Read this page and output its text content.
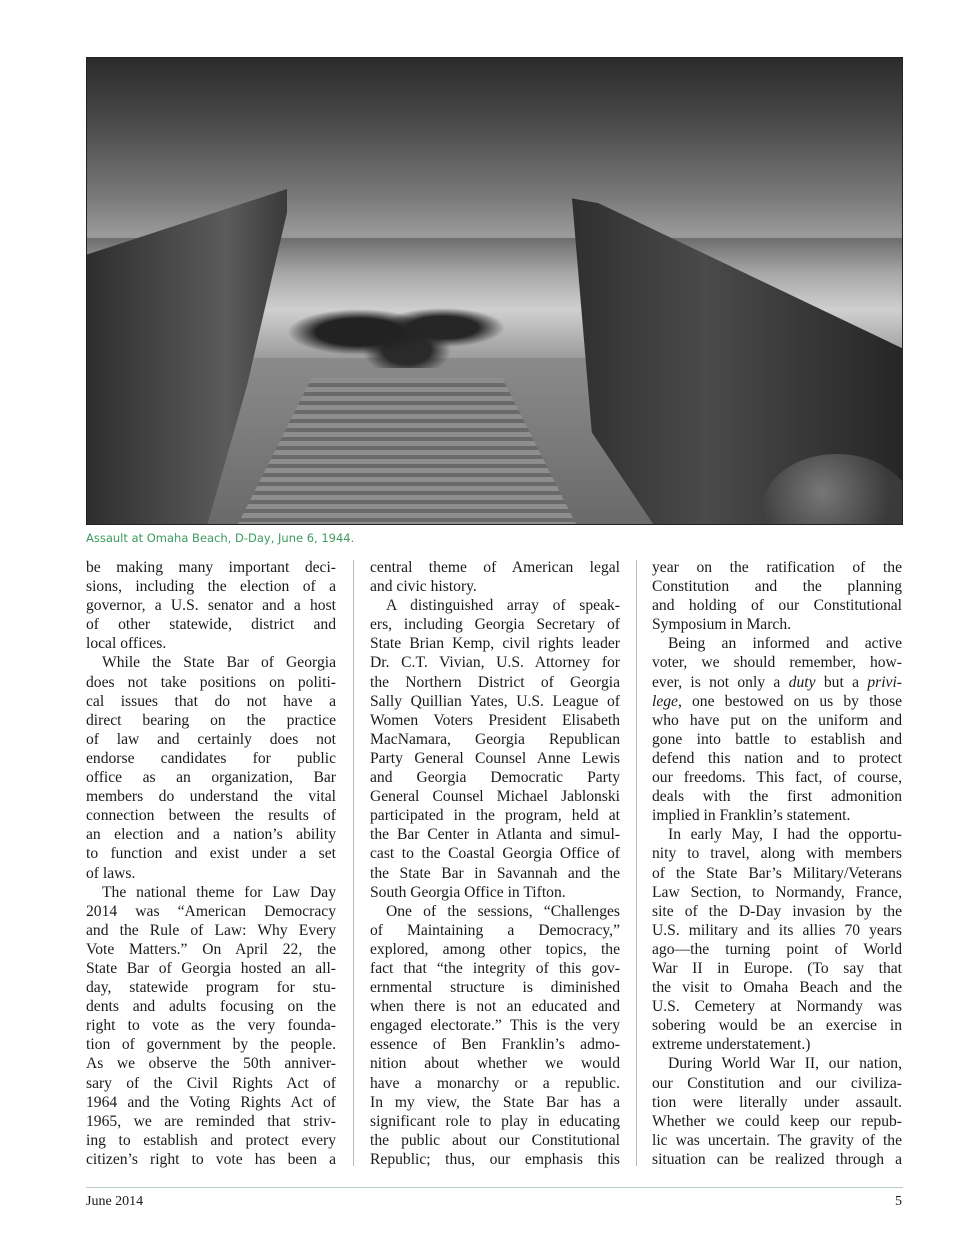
Assault at Omaha Beach, D-Day, June 6, 1944.
be making many important deci-
sions, including the election of a
governor, a U.S. senator and a host
of other statewide, district and
local offices.
While the State Bar of Georgia
does not take positions on politi-
cal issues that do not have a
direct bearing on the practice
of law and certainly does not
endorse candidates for public
office as an organization, Bar
members do understand the vital
connection between the results of
an election and a nation’s ability
to function and exist under a set
of laws.
The national theme for Law Day
2014 was “American Democracy
and the Rule of Law: Why Every
Vote Matters.” On April 22, the
State Bar of Georgia hosted an all-
day, statewide program for stu-
dents and adults focusing on the
right to vote as the very founda-
tion of government by the people.
As we observe the 50th anniver-
sary of the Civil Rights Act of
1964 and the Voting Rights Act of
1965, we are reminded that striv-
ing to establish and protect every
citizen’s right to vote has been a
central theme of American legal
and civic history.
A distinguished array of speak-
ers, including Georgia Secretary of
State Brian Kemp, civil rights leader
Dr. C.T. Vivian, U.S. Attorney for
the Northern District of Georgia
Sally Quillian Yates, U.S. League of
Women Voters President Elisabeth
MacNamara, Georgia Republican
Party General Counsel Anne Lewis
and Georgia Democratic Party
General Counsel Michael Jablonski
participated in the program, held at
the Bar Center in Atlanta and simul-
cast to the Coastal Georgia Office of
the State Bar in Savannah and the
South Georgia Office in Tifton.
One of the sessions, “Challenges
of Maintaining a Democracy,”
explored, among other topics, the
fact that “the integrity of this gov-
ernmental structure is diminished
when there is not an educated and
engaged electorate.” This is the very
essence of Ben Franklin’s admo-
nition about whether we would
have a monarchy or a republic.
In my view, the State Bar has a
significant role to play in educating
the public about our Constitutional
Republic; thus, our emphasis this
year on the ratification of the
Constitution and the planning
and holding of our Constitutional
Symposium in March.
Being an informed and active
voter, we should remember, how-
ever, is not only a duty but a privi-
lege, one bestowed on us by those
who have put on the uniform and
gone into battle to establish and
defend this nation and to protect
our freedoms. This fact, of course,
deals with the first admonition
implied in Franklin’s statement.
In early May, I had the opportu-
nity to travel, along with members
of the State Bar’s Military/Veterans
Law Section, to Normandy, France,
site of the D-Day invasion by the
U.S. military and its allies 70 years
ago—the turning point of World
War II in Europe. (To say that
the visit to Omaha Beach and the
U.S. Cemetery at Normandy was
sobering would be an exercise in
extreme understatement.)
During World War II, our nation,
our Constitution and our civiliza-
tion were literally under assault.
Whether we could keep our repub-
lic was uncertain. The gravity of the
situation can be realized through a
June 2014	5
